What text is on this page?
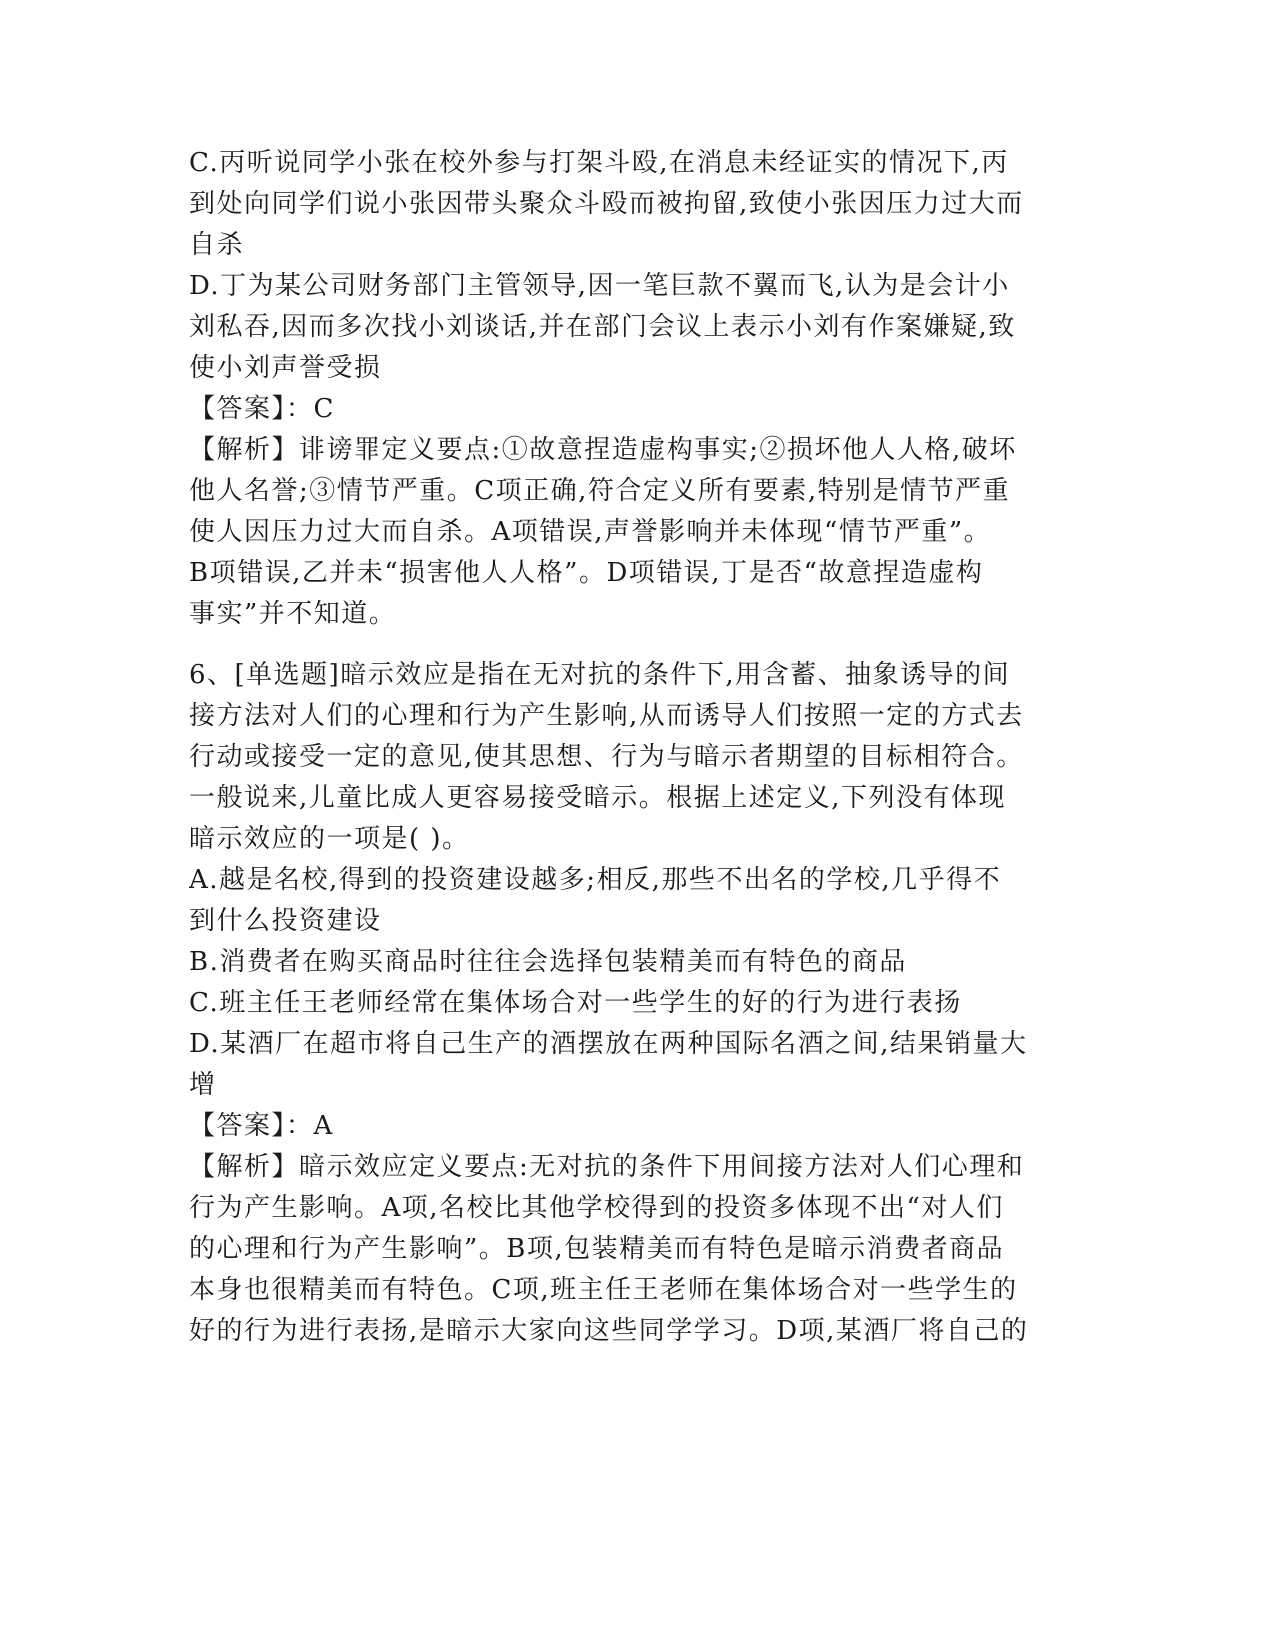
C.丙听说同学小张在校外参与打架斗殴,在消息未经证实的情况下,丙
到处向同学们说小张因带头聚众斗殴而被拘留,致使小张因压力过大而
自杀
D.丁为某公司财务部门主管领导,因一笔巨款不翼而飞,认为是会计小
刘私吞,因而多次找小刘谈话,并在部门会议上表示小刘有作案嫌疑,致
使小刘声誉受损
【答案】：C
【解析】诽谤罪定义要点:①故意捏造虚构事实;②损坏他人人格,破坏
他人名誉;③情节严重。C项正确,符合定义所有要素,特别是情节严重
使人因压力过大而自杀。A项错误,声誉影响并未体现“情节严重”。
B项错误,乙并未“损害他人人格”。D项错误,丁是否“故意捏造虚构
事实”并不知道。
6、[单选题]暗示效应是指在无对抗的条件下,用含蓄、抽象诱导的间
接方法对人们的心理和行为产生影响,从而诱导人们按照一定的方式去
行动或接受一定的意见,使其思想、行为与暗示者期望的目标相符合。
一般说来,儿童比成人更容易接受暗示。根据上述定义,下列没有体现
暗示效应的一项是( )。
A.越是名校,得到的投资建设越多;相反,那些不出名的学校,几乎得不
到什么投资建设
B.消费者在购买商品时往往会选择包装精美而有特色的商品
C.班主任王老师经常在集体场合对一些学生的好的行为进行表扬
D.某酒厂在超市将自己生产的酒摆放在两种国际名酒之间,结果销量大
增
【答案】：A
【解析】暗示效应定义要点:无对抗的条件下用间接方法对人们心理和
行为产生影响。A项,名校比其他学校得到的投资多体现不出“对人们
的心理和行为产生影响”。B项,包装精美而有特色是暗示消费者商品
本身也很精美而有特色。C项,班主任王老师在集体场合对一些学生的
好的行为进行表扬,是暗示大家向这些同学学习。D项,某酒厂将自己的
